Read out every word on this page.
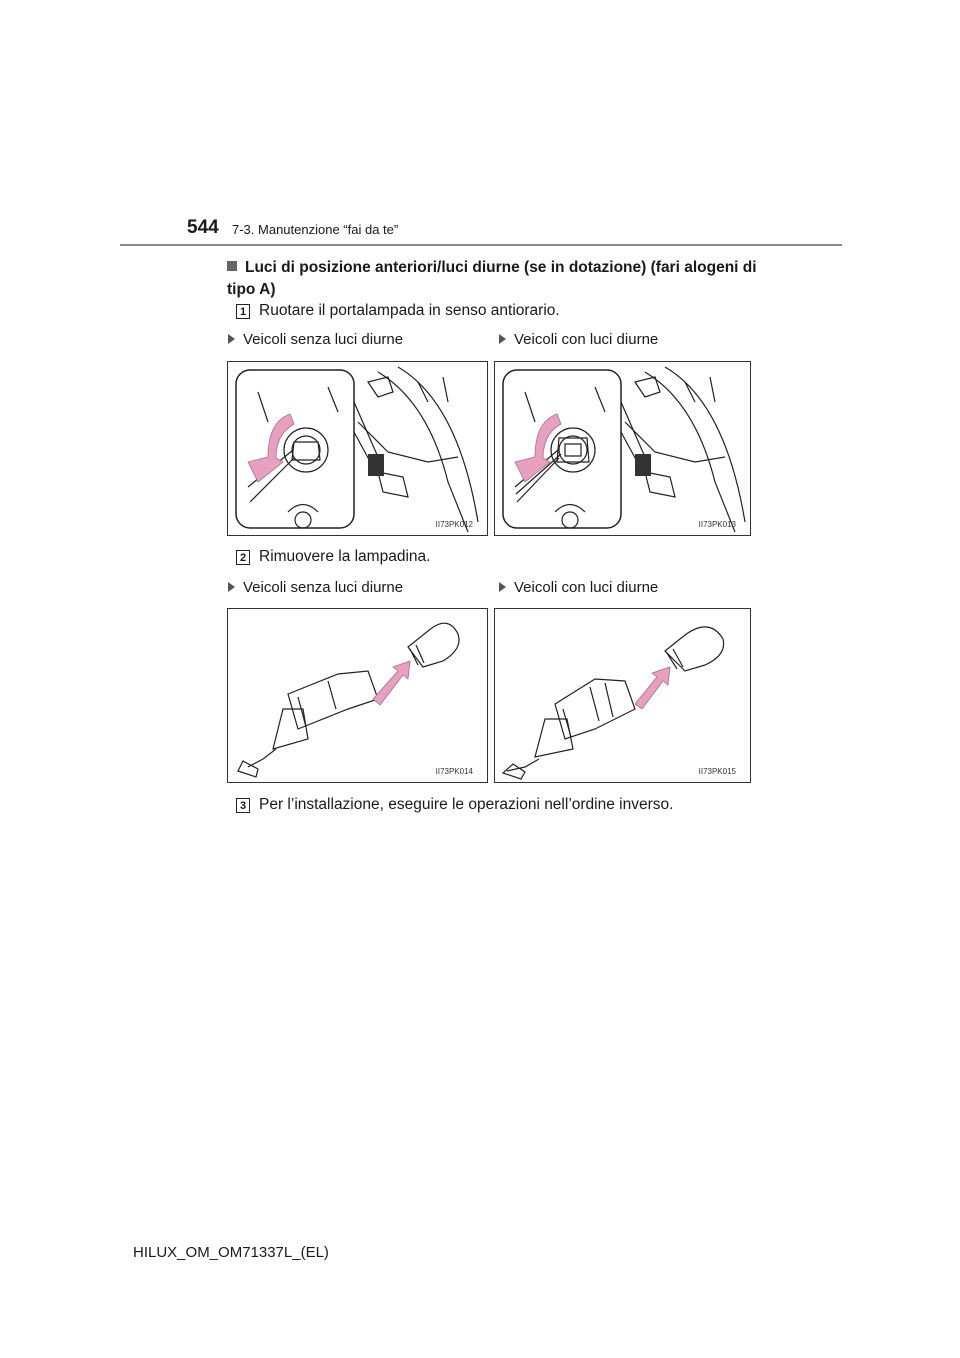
544 7-3. Manutenzione “fai da te”
Luci di posizione anteriori/luci diurne (se in dotazione) (fari alogeni di tipo A)
1 Ruotare il portalampada in senso antiorario.
Veicoli senza luci diurne	Veicoli con luci diurne
II73PK012	II73PK013
2 Rimuovere la lampadina.
Veicoli senza luci diurne	Veicoli con luci diurne
II73PK014	II73PK015
3 Per l’installazione, eseguire le operazioni nell’ordine inverso.
HILUX_OM_OM71337L_(EL)
